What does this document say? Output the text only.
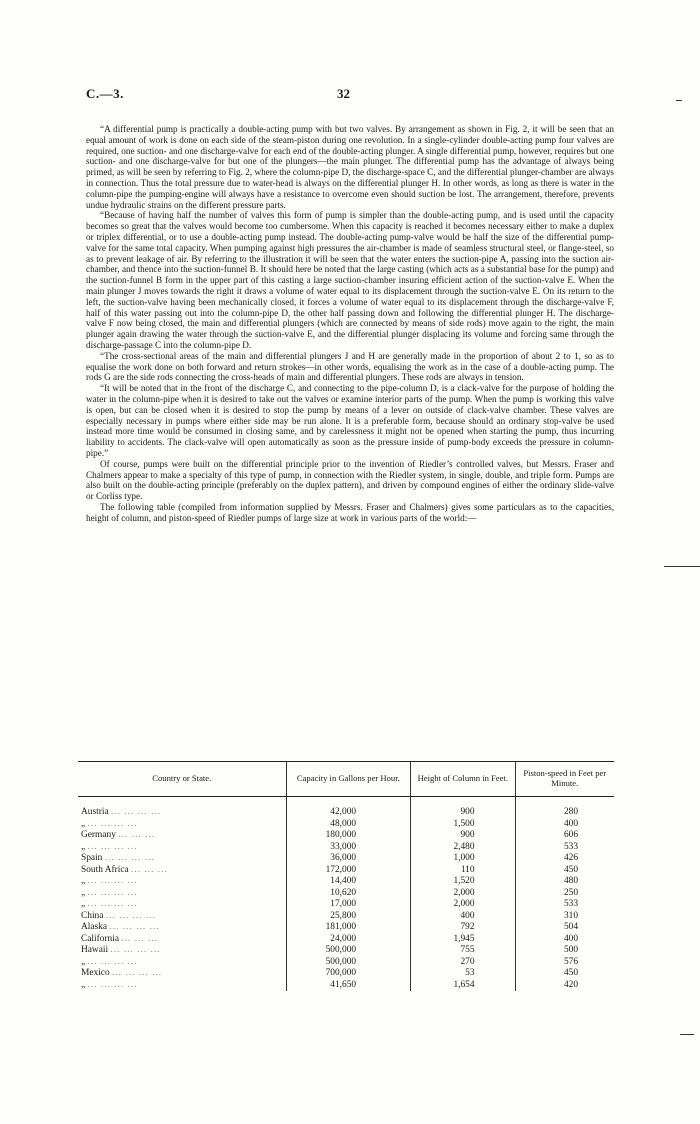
C.—3.	32

“A differential pump is practically a double-acting pump with but two valves. By arrangement as shown in Fig. 2, it will be seen that an equal amount of work is done on each side of the steam-piston during one revolution. In a single-cylinder double-acting pump four valves are required, one suction- and one discharge-valve for each end of the double-acting plunger. A single differential pump, however, requires but one suction- and one discharge-valve for but one of the plungers—the main plunger. The differential pump has the advantage of always being primed, as will be seen by referring to Fig. 2, where the column-pipe D, the discharge-space C, and the differential plunger-chamber are always in connection. Thus the total pressure due to water-head is always on the differential plunger H. In other words, as long as there is water in the column-pipe the pumping-engine will always have a resistance to overcome even should suction be lost. The arrangement, therefore, prevents undue hydraulic strains on the different pressure parts.

“Because of having half the number of valves this form of pump is simpler than the double-acting pump, and is used until the capacity becomes so great that the valves would become too cumbersome. When this capacity is reached it becomes necessary either to make a duplex or triplex differential, or to use a double-acting pump instead. The double-acting pump-valve would be half the size of the differential pump-valve for the same total capacity. When pumping against high pressures the air-chamber is made of seamless structural steel, or flange-steel, so as to prevent leakage of air. By referring to the illustration it will be seen that the water enters the suction-pipe A, passing into the suction air-chamber, and thence into the suction-funnel B. It should here be noted that the large casting (which acts as a substantial base for the pump) and the suction-funnel B form in the upper part of this casting a large suction-chamber insuring efficient action of the suction-valve E. When the main plunger J moves towards the right it draws a volume of water equal to its displacement through the suction-valve E. On its return to the left, the suction-valve having been mechanically closed, it forces a volume of water equal to its displacement through the discharge-valve F, half of this water passing out into the column-pipe D, the other half passing down and following the differential plunger H. The discharge-valve F now being closed, the main and differential plungers (which are connected by means of side rods) move again to the right, the main plunger again drawing the water through the suction-valve E, and the differential plunger displacing its volume and forcing same through the discharge-passage C into the column-pipe D.

“The cross-sectional areas of the main and differential plungers J and H are generally made in the proportion of about 2 to 1, so as to equalise the work done on both forward and return strokes—in other words, equalising the work as in the case of a double-acting pump. The rods G are the side rods connecting the cross-heads of main and differential plungers. These rods are always in tension.

“It will be noted that in the front of the discharge C, and connecting to the pipe-column D, is a clack-valve for the purpose of holding the water in the column-pipe when it is desired to take out the valves or examine interior parts of the pump. When the pump is working this valve is open, but can be closed when it is desired to stop the pump by means of a lever on outside of clack-valve chamber. These valves are especially necessary in pumps where either side may be run alone. It is a preferable form, because should an ordinary stop-valve be used instead more time would be consumed in closing same, and by carelessness it might not be opened when starting the pump, thus incurring liability to accidents. The clack-valve will open automatically as soon as the pressure inside of pump-body exceeds the pressure in column-pipe.”

Of course, pumps were built on the differential principle prior to the invention of Riedler’s controlled valves, but Messrs. Fraser and Chalmers appear to make a specialty of this type of pump, in connection with the Riedler system, in single, double, and triple form. Pumps are also built on the double-acting principle (preferably on the duplex pattern), and driven by compound engines of either the ordinary slide-valve or Corliss type.

The following table (compiled from information supplied by Messrs. Fraser and Chalmers) gives some particulars as to the capacities, height of column, and piston-speed of Riedler pumps of large size at work in various parts of the world:—

Country or State.	Capacity in Gallons per Hour.	Height of Column in Feet.	Piston-speed in Feet per Minute.
Austria ... ... ... ...	42,000	900	280
„ ... ... ... ...	48,000	1,500	400
Germany ... ... ...	180,000	900	606
„ ... ... ... ...	33,000	2,480	533
Spain ... ... ... ...	36,000	1,000	426
South Africa ... ... ...	172,000	110	450
„ ... ... ... ...	14,400	1,520	480
„ ... ... ... ...	10,620	2,000	250
„ ... ... ... ...	17,000	2,000	533
China ... ... ... ...	25,800	400	310
Alaska ... ... ... ...	181,000	792	504
California ... ... ...	24,000	1,945	400
Hawaii ... ... ... ...	500,000	755	500
„ ... ... ... ...	500,000	270	576
Mexico ... ... ... ...	700,000	53	450
„ ... ... ... ...	41,650	1,654	420
